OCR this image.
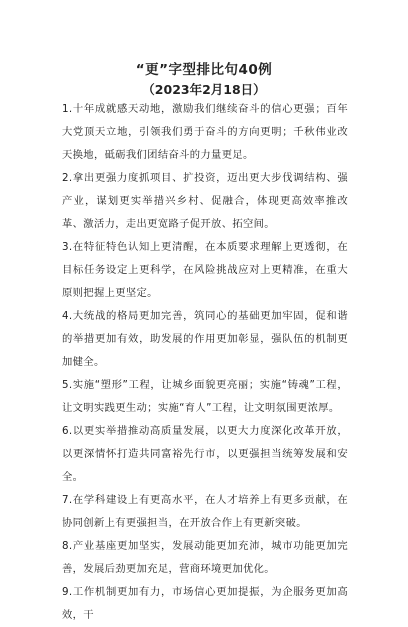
“更”字型排比句40例
（2023年2月18日）

1.十年成就感天动地，激励我们继续奋斗的信心更强；百年大党顶天立地，引领我们勇于奋斗的方向更明；千秋伟业改天换地，砥砺我们团结奋斗的力量更足。

2.拿出更强力度抓项目、扩投资，迈出更大步伐调结构、强产业，谋划更实举措兴乡村、促融合，体现更高效率推改革、激活力，走出更宽路子促开放、拓空间。

3.在特征特色认知上更清醒，在本质要求理解上更透彻，在目标任务设定上更科学，在风险挑战应对上更精准，在重大原则把握上更坚定。

4.大统战的格局更加完善，筑同心的基础更加牢固，促和谐的举措更加有效，助发展的作用更加彰显，强队伍的机制更加健全。

5.实施“塑形”工程，让城乡面貌更亮丽；实施“铸魂”工程，让文明实践更生动；实施“育人”工程，让文明氛围更浓厚。

6.以更实举措推动高质量发展，以更大力度深化改革开放，以更深情怀打造共同富裕先行市，以更强担当统筹发展和安全。

7.在学科建设上有更高水平，在人才培养上有更多贡献，在协同创新上有更强担当，在开放合作上有更新突破。

8.产业基座更加坚实，发展动能更加充沛，城市功能更加完善，发展后劲更加充足，营商环境更加优化。

9.工作机制更加有力，市场信心更加提振，为企服务更加高效，干
